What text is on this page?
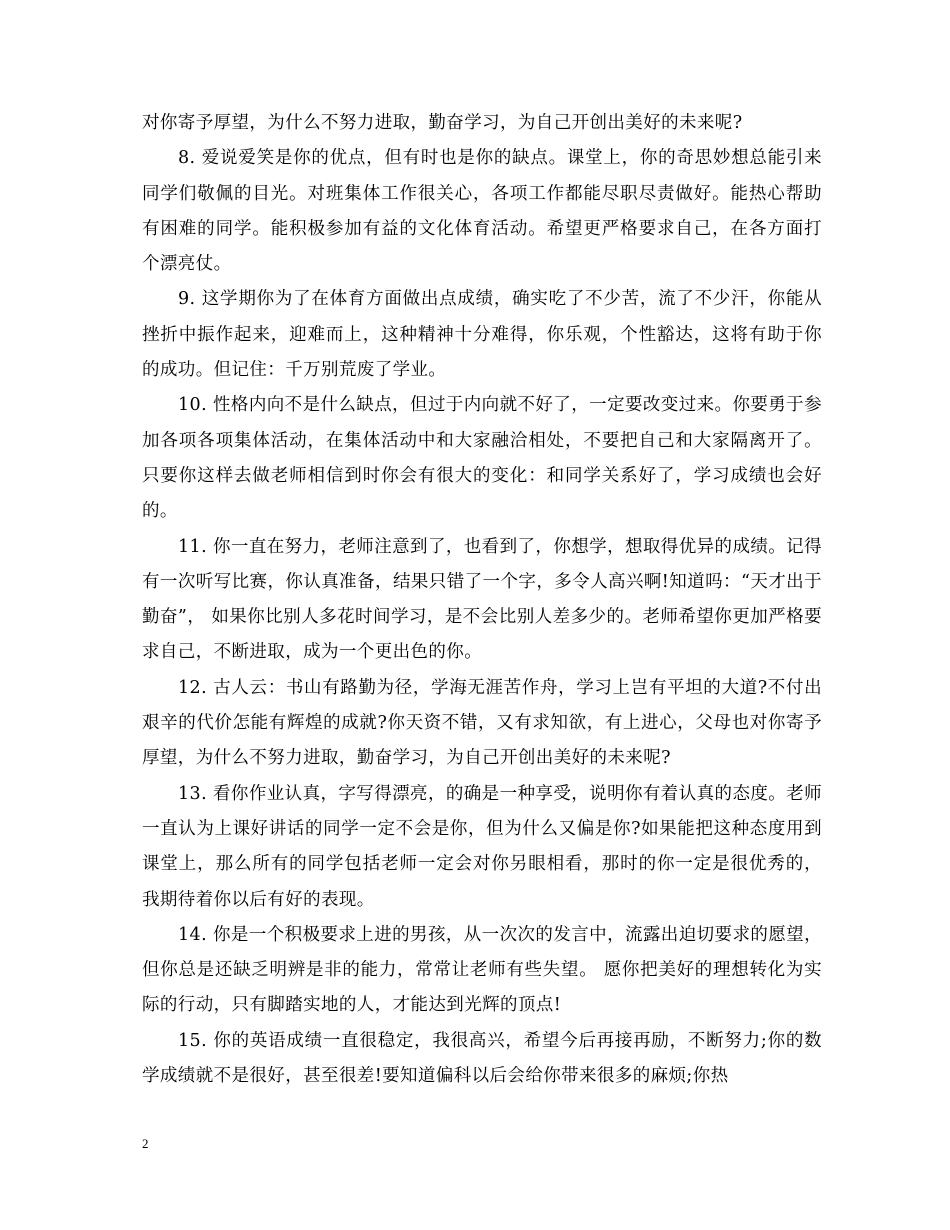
对你寄予厚望，为什么不努力进取，勤奋学习，为自己开创出美好的未来呢?

8. 爱说爱笑是你的优点，但有时也是你的缺点。课堂上，你的奇思妙想总能引来同学们敬佩的目光。对班集体工作很关心，各项工作都能尽职尽责做好。能热心帮助有困难的同学。能积极参加有益的文化体育活动。希望更严格要求自己，在各方面打个漂亮仗。

9. 这学期你为了在体育方面做出点成绩，确实吃了不少苦，流了不少汗，你能从挫折中振作起来，迎难而上，这种精神十分难得，你乐观，个性豁达，这将有助于你的成功。但记住：千万别荒废了学业。

10. 性格内向不是什么缺点，但过于内向就不好了，一定要改变过来。你要勇于参加各项各项集体活动，在集体活动中和大家融洽相处，不要把自己和大家隔离开了。只要你这样去做老师相信到时你会有很大的变化：和同学关系好了，学习成绩也会好的。

11. 你一直在努力，老师注意到了，也看到了，你想学，想取得优异的成绩。记得有一次听写比赛，你认真准备，结果只错了一个字，多令人高兴啊!知道吗：“天才出于勤奋”， 如果你比别人多花时间学习，是不会比别人差多少的。老师希望你更加严格要求自己，不断进取，成为一个更出色的你。

12. 古人云：书山有路勤为径，学海无涯苦作舟，学习上岂有平坦的大道?不付出艰辛的代价怎能有辉煌的成就?你天资不错，又有求知欲，有上进心，父母也对你寄予厚望，为什么不努力进取，勤奋学习，为自己开创出美好的未来呢?

13. 看你作业认真，字写得漂亮，的确是一种享受，说明你有着认真的态度。老师一直认为上课好讲话的同学一定不会是你，但为什么又偏是你?如果能把这种态度用到课堂上，那么所有的同学包括老师一定会对你另眼相看，那时的你一定是很优秀的，我期待着你以后有好的表现。

14. 你是一个积极要求上进的男孩，从一次次的发言中，流露出迫切要求的愿望，但你总是还缺乏明辨是非的能力，常常让老师有些失望。 愿你把美好的理想转化为实际的行动，只有脚踏实地的人，才能达到光辉的顶点!

15. 你的英语成绩一直很稳定，我很高兴，希望今后再接再励，不断努力;你的数学成绩就不是很好，甚至很差!要知道偏科以后会给你带来很多的麻烦;你热

2
